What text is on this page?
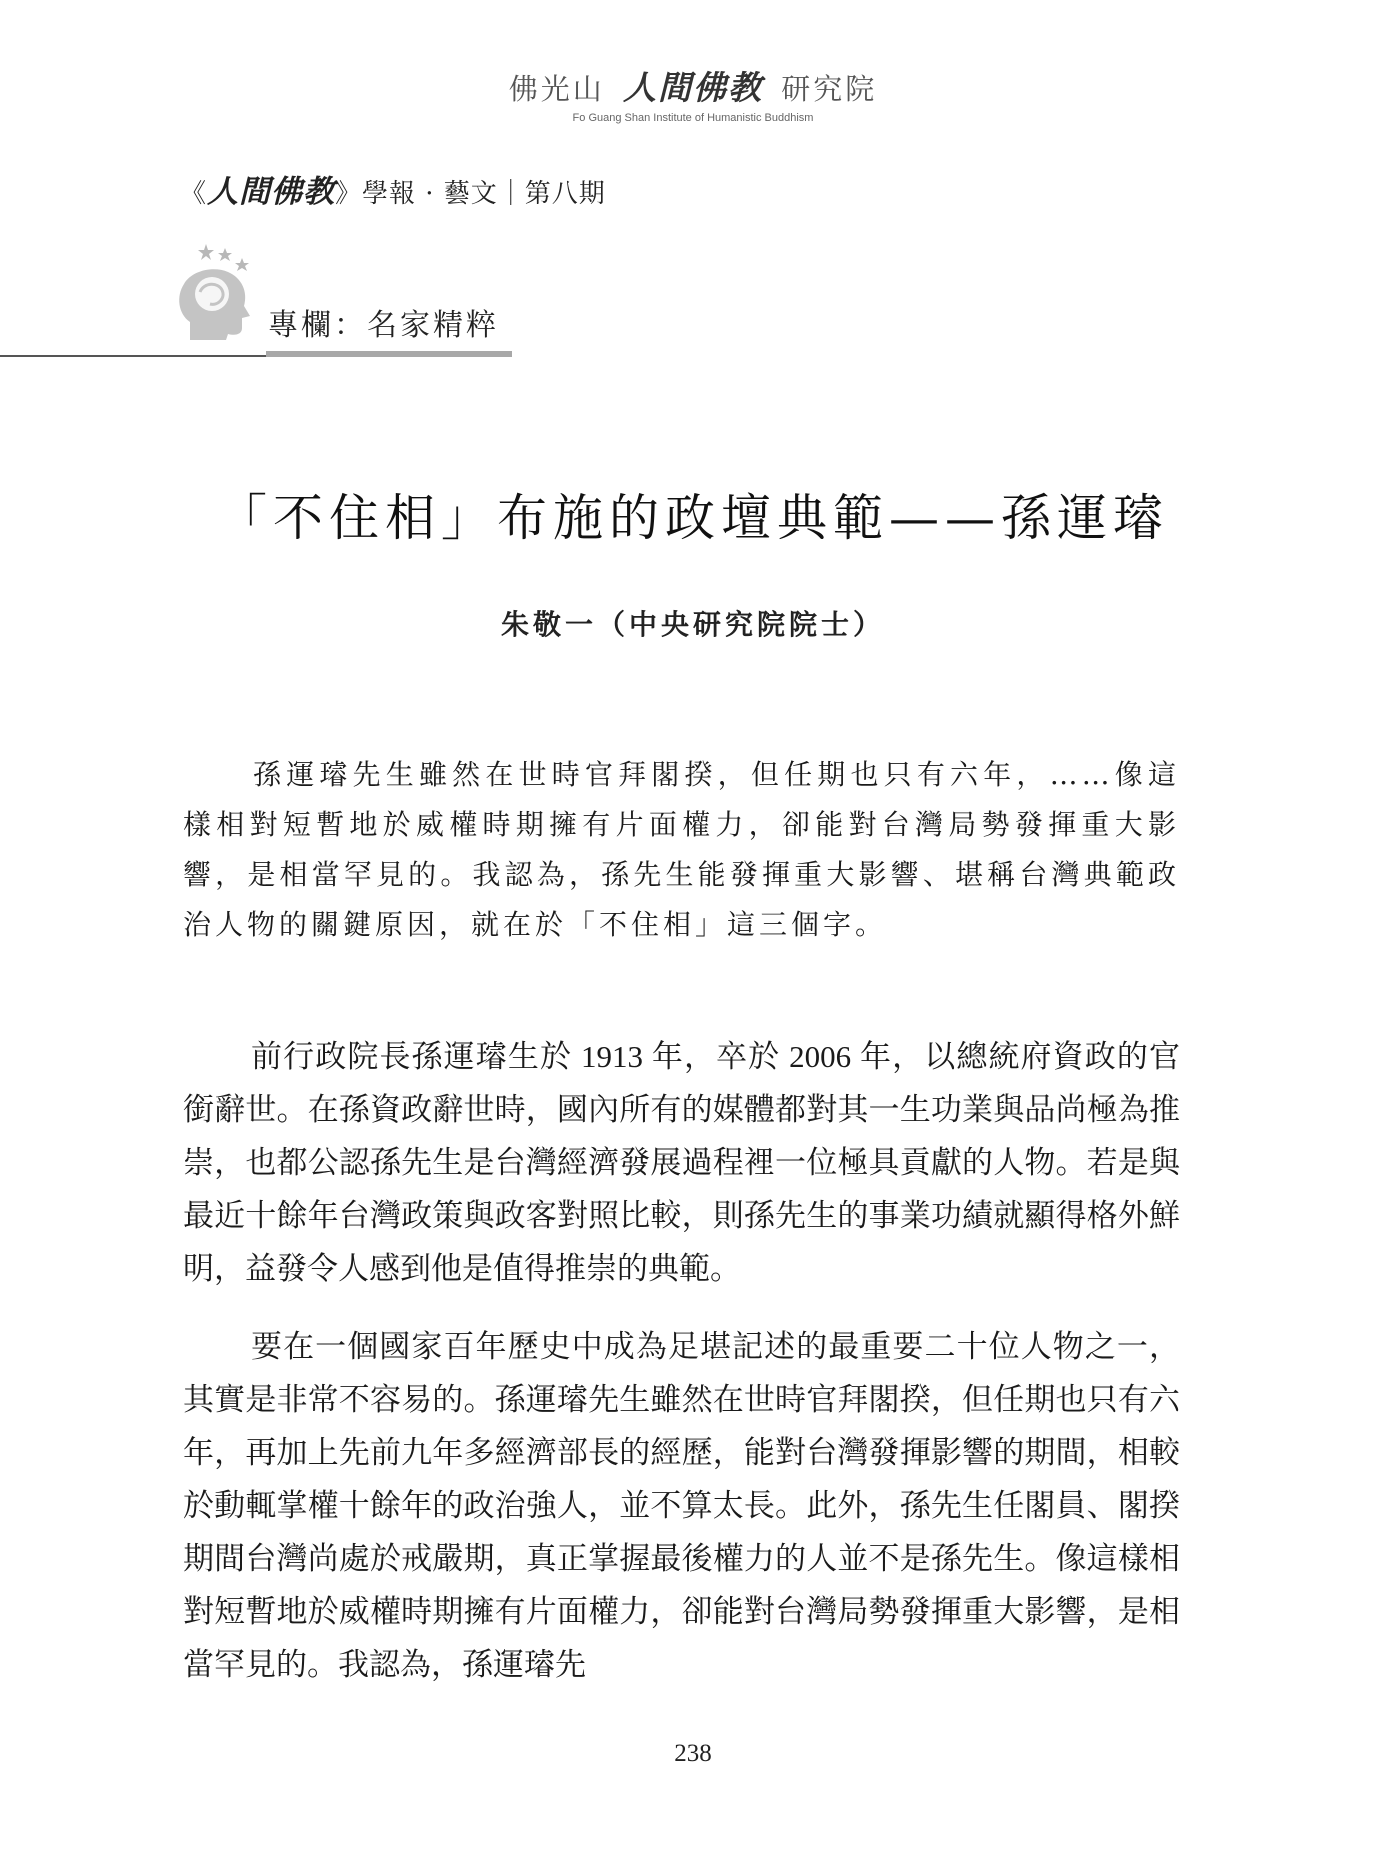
佛光山 人間佛教 研究院
Fo Guang Shan Institute of Humanistic Buddhism
《人間佛教》學報 · 藝文｜第八期
專欄：名家精粹
「不住相」布施的政壇典範——孫運璿
朱敬一（中央研究院院士）

孫運璿先生雖然在世時官拜閣揆，但任期也只有六年，……像這樣相對短暫地於威權時期擁有片面權力，卻能對台灣局勢發揮重大影響，是相當罕見的。我認為，孫先生能發揮重大影響、堪稱台灣典範政治人物的關鍵原因，就在於「不住相」這三個字。

前行政院長孫運璿生於 1913 年，卒於 2006 年，以總統府資政的官銜辭世。在孫資政辭世時，國內所有的媒體都對其一生功業與品尚極為推崇，也都公認孫先生是台灣經濟發展過程裡一位極具貢獻的人物。若是與最近十餘年台灣政策與政客對照比較，則孫先生的事業功績就顯得格外鮮明，益發令人感到他是值得推崇的典範。

要在一個國家百年歷史中成為足堪記述的最重要二十位人物之一，其實是非常不容易的。孫運璿先生雖然在世時官拜閣揆，但任期也只有六年，再加上先前九年多經濟部長的經歷，能對台灣發揮影響的期間，相較於動輒掌權十餘年的政治強人，並不算太長。此外，孫先生任閣員、閣揆期間台灣尚處於戒嚴期，真正掌握最後權力的人並不是孫先生。像這樣相對短暫地於威權時期擁有片面權力，卻能對台灣局勢發揮重大影響，是相當罕見的。我認為，孫運璿先

238
